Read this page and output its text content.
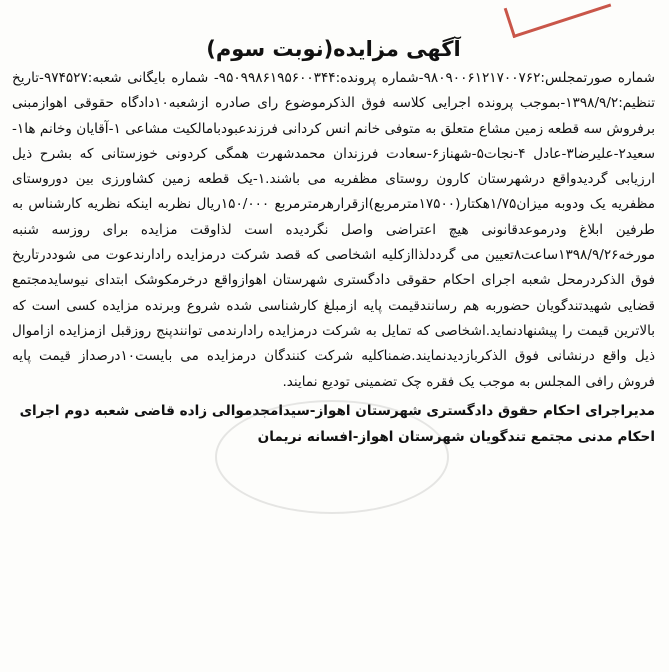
آگهی مزایده(نوبت سوم)

شماره صورتمجلس:۹۸۰۹۰۰۶۱۲۱۷۰۰۷۶۲-شماره پرونده:۹۵۰۹۹۸۶۱۹۵۶۰۰۳۴۴- شماره بایگانی شعبه:۹۷۴۵۲۷-تاریخ تنظیم:۱۳۹۸/۹/۲-بموجب پرونده اجرایی کلاسه فوق الذکرموضوع رای صادره ازشعبه۱۰دادگاه حقوقی اهوازمبنی برفروش سه قطعه زمین مشاع متعلق به متوفی خانم انس کردانی فرزندعبودبامالکیت مشاعی ۱-آقایان وخانم ها۱-سعید۲-علیرضا۳-عادل ۴-نجات۵-شهناز۶-سعادت فرزندان محمدشهرت همگی کردونی خوزستانی که بشرح ذیل ارزیابی گردیدواقع درشهرستان کارون روستای مظفریه می باشند.۱-یک قطعه زمین کشاورزی بین دوروستای مظفریه یک ودوبه میزان۱/۷۵هکتار(۱۷۵۰۰مترمربع)ازقرارهرمترمربع ۱۵۰/۰۰۰ریال نظربه اینکه نظریه کارشناس به طرفین ابلاغ ودرموعدقانونی هیچ اعتراضی واصل نگردیده است لذاوقت مزایده برای روزسه شنبه مورخه۱۳۹۸/۹/۲۶ساعت۸تعیین می گرددلذاازکلیه اشخاصی که قصد شرکت درمزایده رادارندعوت می شوددرتاریخ فوق الذکردرمحل شعبه اجرای احکام حقوقی دادگستری شهرستان اهوازواقع درخرمکوشک ابتدای نیوسایدمجتمع قضایی شهیدتندگویان حضوربه هم رسانندقیمت پایه ازمبلغ کارشناسی شده شروع وبرنده مزایده کسی است که بالاترین قیمت را پیشنهادنماید.اشخاصی که تمایل به شرکت درمزایده رادارندمی توانندپنج روزقبل ازمزایده ازاموال ذیل واقع درنشانی فوق الذکربازدیدنمایند.ضمناکلیه شرکت کنندگان درمزایده می بایست۱۰درصداز قیمت پایه فروش رافی المجلس به موجب یک فقره چک تضمینی تودیع نمایند.

مدیراجرای احکام حقوق دادگستری شهرستان اهواز-سیدامجدموالی زاده قاضی شعبه دوم اجرای احکام مدنی مجتمع تندگویان شهرستان اهواز-افسانه نریمان
